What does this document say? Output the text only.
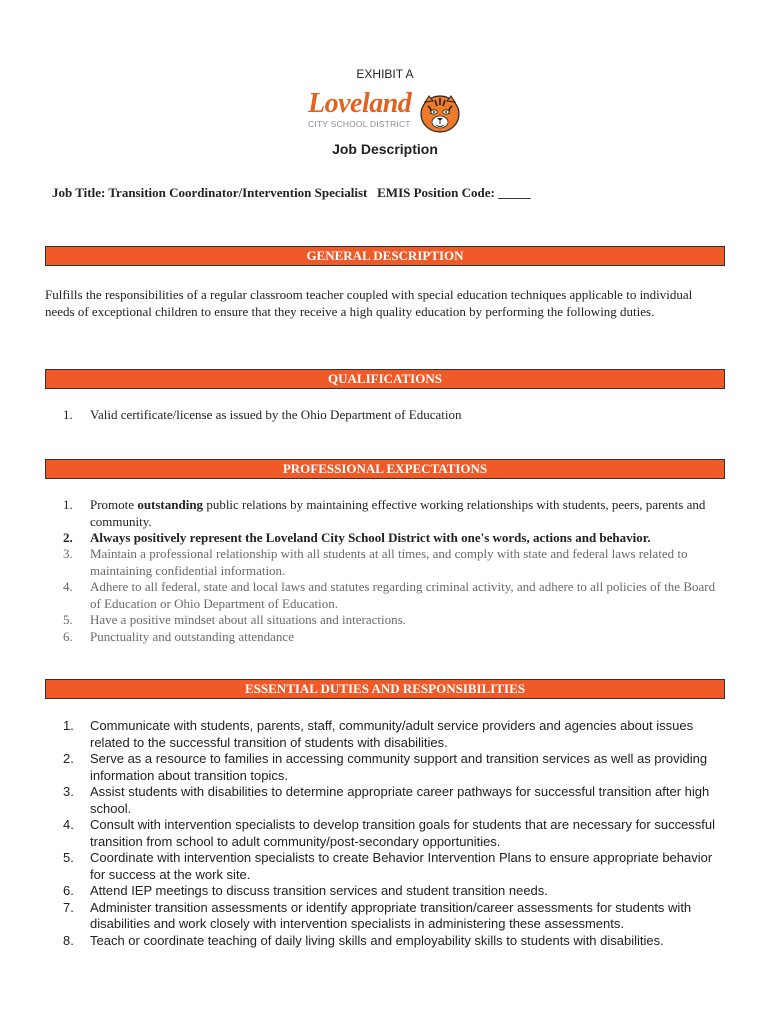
EXHIBIT A
Loveland
CITY SCHOOL DISTRICT
Job Description
Job Title: Transition Coordinator/Intervention Specialist   EMIS Position Code: _____
GENERAL DESCRIPTION
Fulfills the responsibilities of a regular classroom teacher coupled with special education techniques applicable to individual needs of exceptional children to ensure that they receive a high quality education by performing the following duties.
QUALIFICATIONS
1. Valid certificate/license as issued by the Ohio Department of Education
PROFESSIONAL EXPECTATIONS
1. Promote outstanding public relations by maintaining effective working relationships with students, peers, parents and community.
2. Always positively represent the Loveland City School District with one's words, actions and behavior.
3. Maintain a professional relationship with all students at all times, and comply with state and federal laws related to maintaining confidential information.
4. Adhere to all federal, state and local laws and statutes regarding criminal activity, and adhere to all policies of the Board of Education or Ohio Department of Education.
5. Have a positive mindset about all situations and interactions.
6. Punctuality and outstanding attendance
ESSENTIAL DUTIES AND RESPONSIBILITIES
1. Communicate with students, parents, staff, community/adult service providers and agencies about issues related to the successful transition of students with disabilities.
2. Serve as a resource to families in accessing community support and transition services as well as providing information about transition topics.
3. Assist students with disabilities to determine appropriate career pathways for successful transition after high school.
4. Consult with intervention specialists to develop transition goals for students that are necessary for successful transition from school to adult community/post-secondary opportunities.
5. Coordinate with intervention specialists to create Behavior Intervention Plans to ensure appropriate behavior for success at the work site.
6. Attend IEP meetings to discuss transition services and student transition needs.
7. Administer transition assessments or identify appropriate transition/career assessments for students with disabilities and work closely with intervention specialists in administering these assessments.
8. Teach or coordinate teaching of daily living skills and employability skills to students with disabilities.
